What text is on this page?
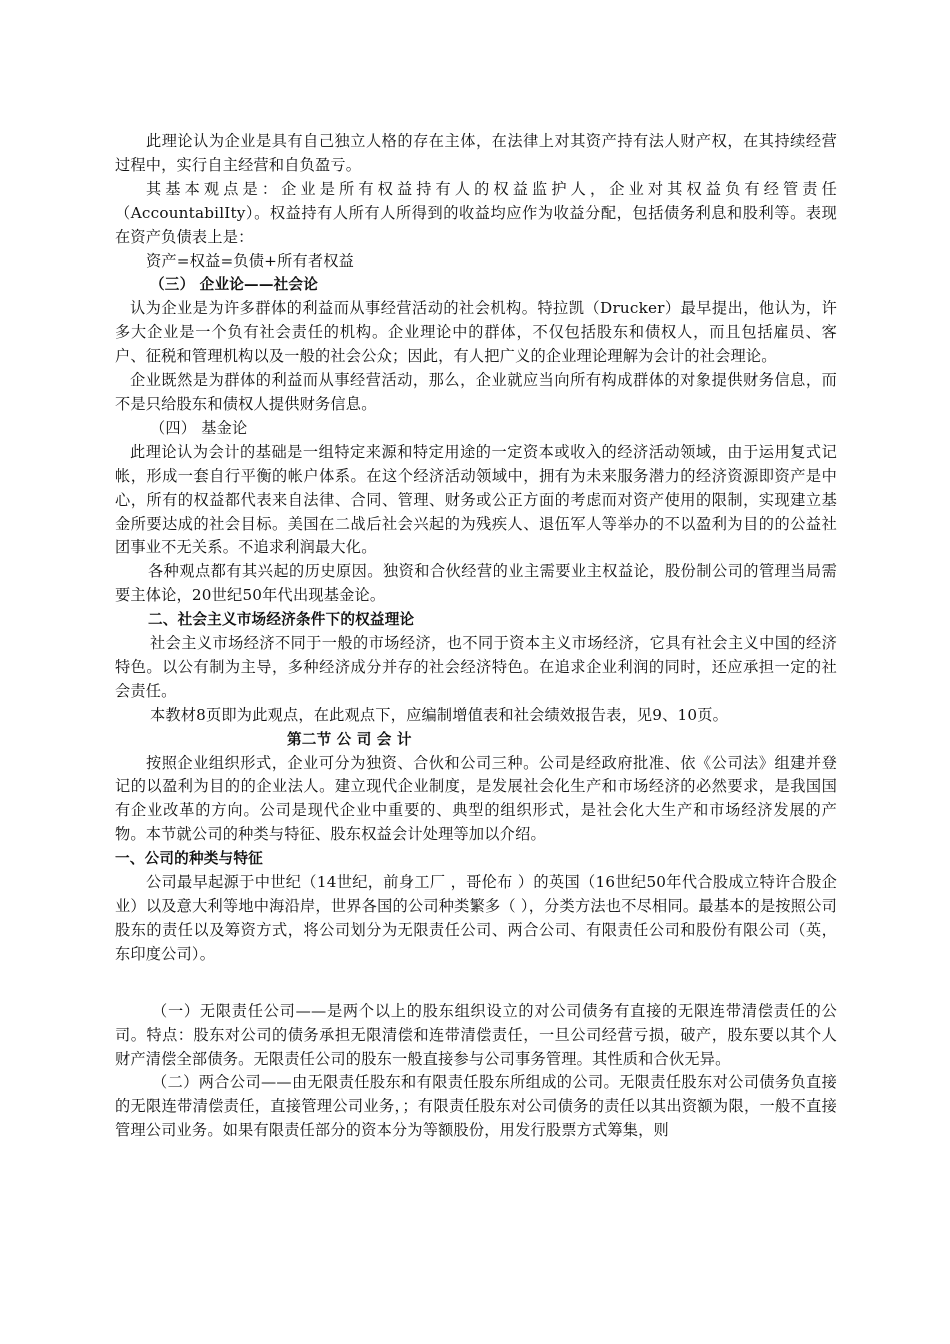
此理论认为企业是具有自己独立人格的存在主体，在法律上对其资产持有法人财产权，在其持续经营过程中，实行自主经营和自负盈亏。

其基本观点是：企业是所有权益持有人的权益监护人，企业对其权益负有经管责任（AccountabilIty）。权益持有人所有人所得到的收益均应作为收益分配，包括债务利息和股利等。表现在资产负债表上是：

资产=权益=负债+所有者权益

（三） 企业论——社会论

认为企业是为许多群体的利益而从事经营活动的社会机构。特拉凯（Drucker）最早提出，他认为，许多大企业是一个负有社会责任的机构。企业理论中的群体，不仅包括股东和债权人，而且包括雇员、客户、征税和管理机构以及一般的社会公众；因此，有人把广义的企业理论理解为会计的社会理论。

企业既然是为群体的利益而从事经营活动，那么，企业就应当向所有构成群体的对象提供财务信息，而不是只给股东和债权人提供财务信息。

（四） 基金论

此理论认为会计的基础是一组特定来源和特定用途的一定资本或收入的经济活动领域，由于运用复式记帐，形成一套自行平衡的帐户体系。在这个经济活动领域中，拥有为未来服务潜力的经济资源即资产是中心，所有的权益都代表来自法律、合同、管理、财务或公正方面的考虑而对资产使用的限制，实现建立基金所要达成的社会目标。美国在二战后社会兴起的为残疾人、退伍军人等举办的不以盈利为目的的公益社团事业不无关系。不追求利润最大化。

各种观点都有其兴起的历史原因。独资和合伙经营的业主需要业主权益论，股份制公司的管理当局需要主体论，20世纪50年代出现基金论。

二、社会主义市场经济条件下的权益理论

社会主义市场经济不同于一般的市场经济，也不同于资本主义市场经济，它具有社会主义中国的经济特色。以公有制为主导，多种经济成分并存的社会经济特色。在追求企业利润的同时，还应承担一定的社会责任。

本教材8页即为此观点，在此观点下，应编制增值表和社会绩效报告表，见9、10页。

第二节 公 司 会 计

按照企业组织形式，企业可分为独资、合伙和公司三种。公司是经政府批准、依《公司法》组建并登记的以盈利为目的的企业法人。建立现代企业制度，是发展社会化生产和市场经济的必然要求，是我国国有企业改革的方向。公司是现代企业中重要的、典型的组织形式，是社会化大生产和市场经济发展的产物。本节就公司的种类与特征、股东权益会计处理等加以介绍。

一、公司的种类与特征

公司最早起源于中世纪（14世纪，前身工厂 ，哥伦布 ）的英国（16世纪50年代合股成立特许合股企业）以及意大利等地中海沿岸，世界各国的公司种类繁多（ ），分类方法也不尽相同。最基本的是按照公司股东的责任以及筹资方式，将公司划分为无限责任公司、两合公司、有限责任公司和股份有限公司（英，东印度公司）。

（一）无限责任公司——是两个以上的股东组织设立的对公司债务有直接的无限连带清偿责任的公司。特点：股东对公司的债务承担无限清偿和连带清偿责任，一旦公司经营亏损，破产，股东要以其个人财产清偿全部债务。无限责任公司的股东一般直接参与公司事务管理。其性质和合伙无异。

（二）两合公司——由无限责任股东和有限责任股东所组成的公司。无限责任股东对公司债务负直接的无限连带清偿责任，直接管理公司业务，；有限责任股东对公司债务的责任以其出资额为限，一般不直接管理公司业务。如果有限责任部分的资本分为等额股份，用发行股票方式筹集，则
